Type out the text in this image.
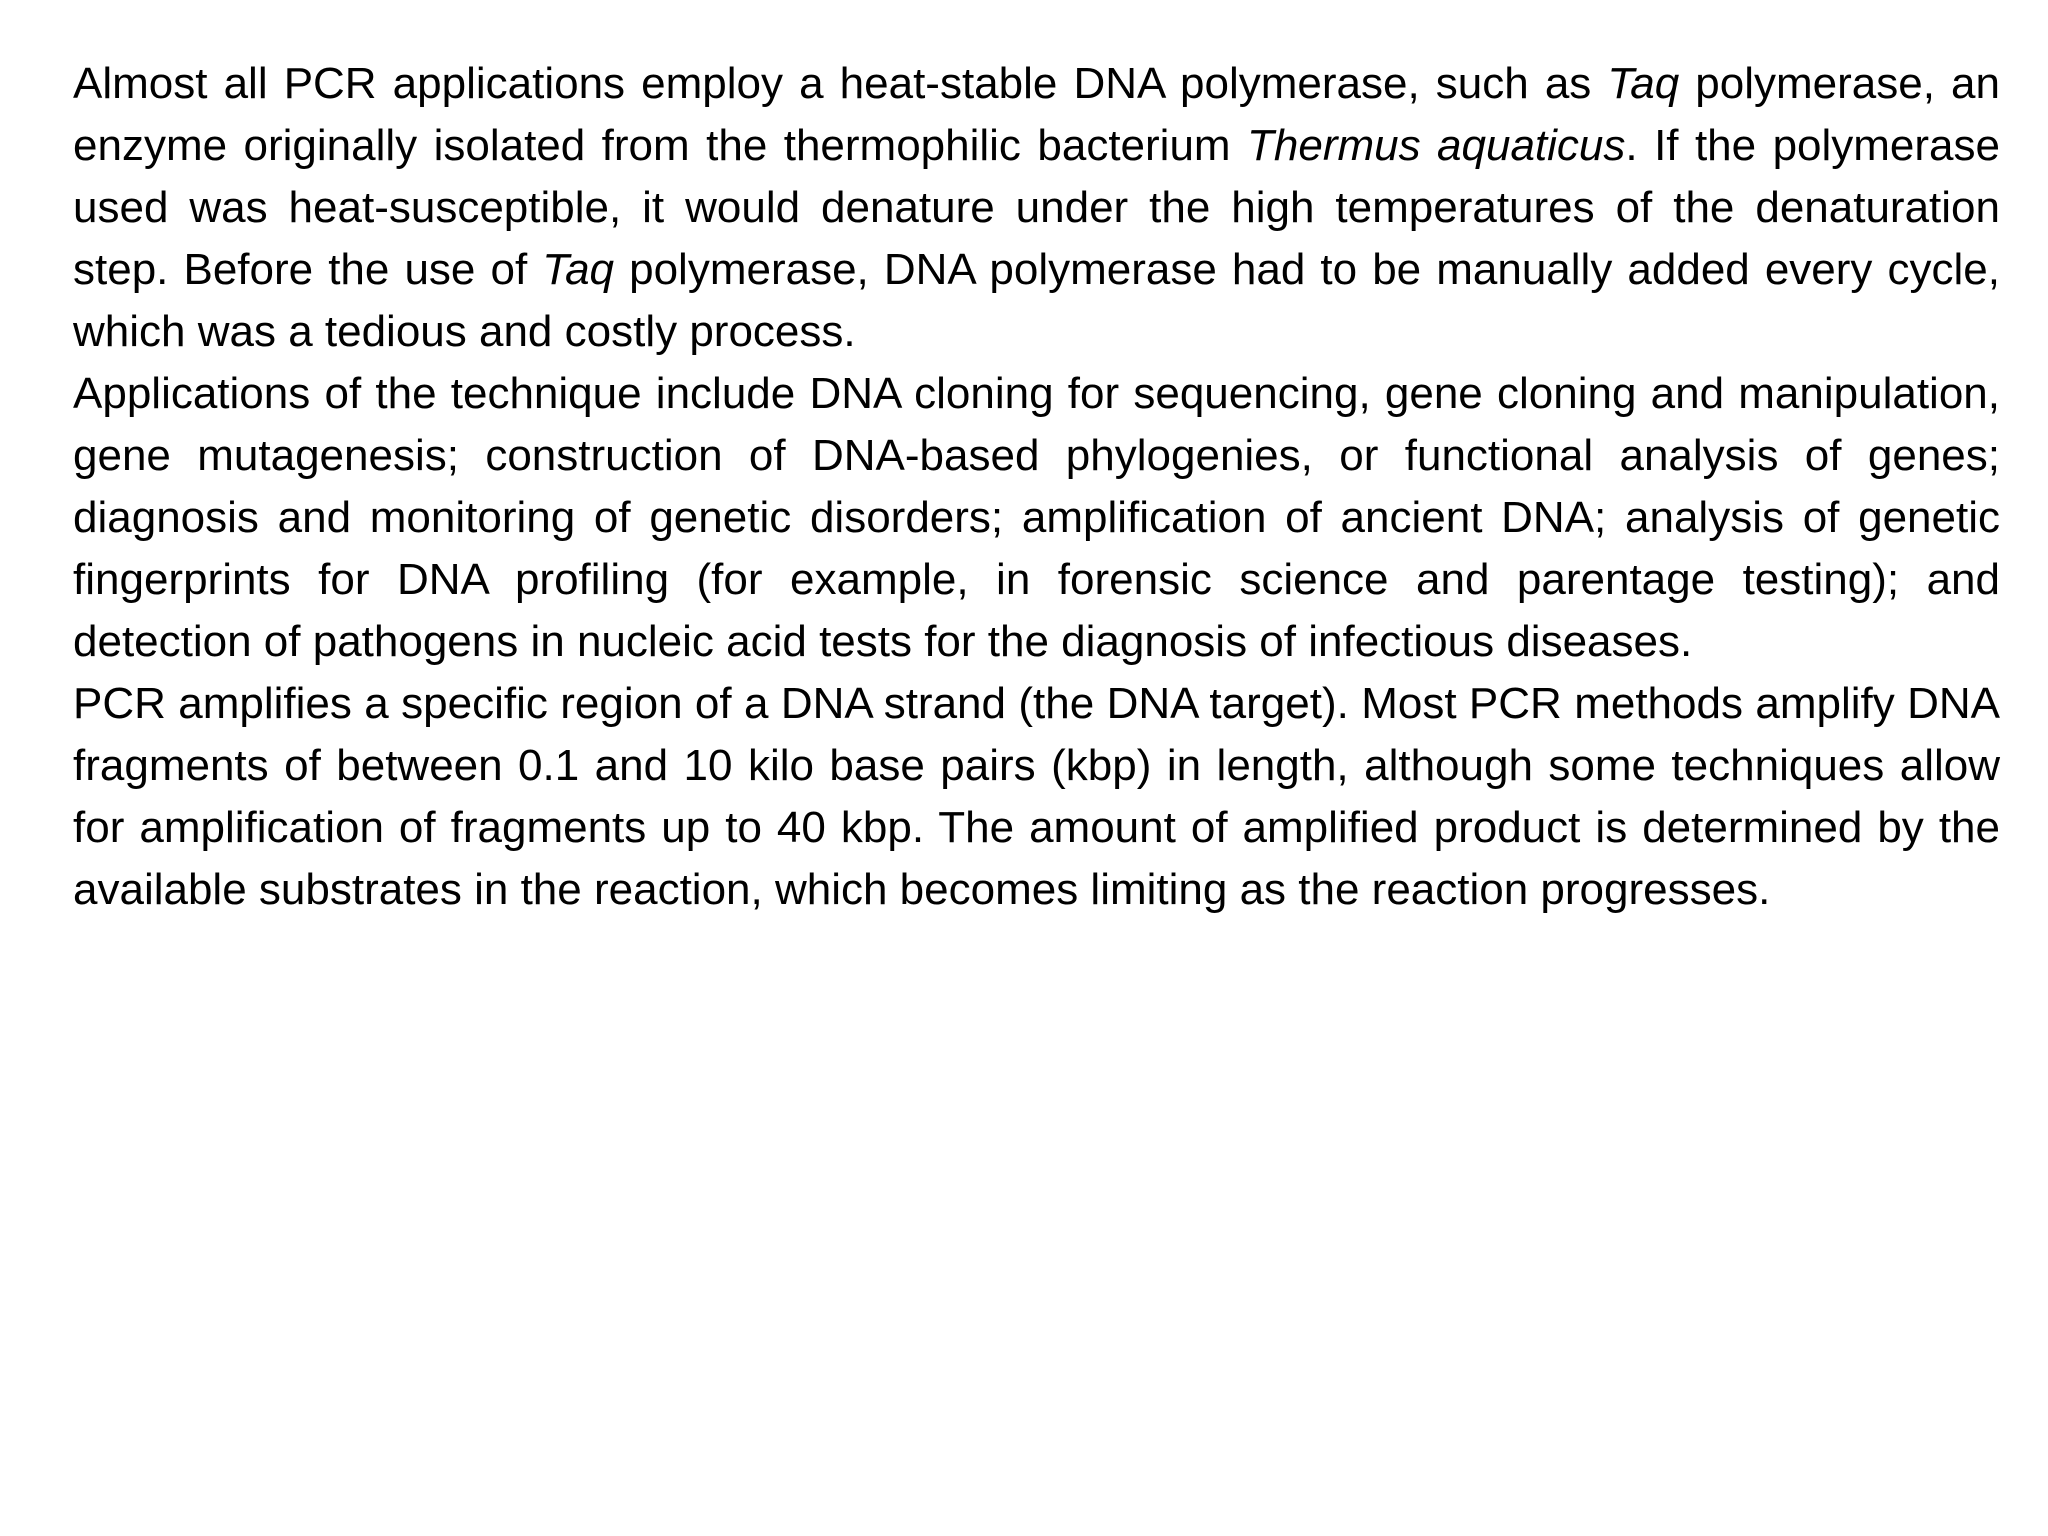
Almost all PCR applications employ a heat-stable DNA polymerase, such as Taq polymerase, an enzyme originally isolated from the thermophilic bacterium Thermus aquaticus. If the polymerase used was heat-susceptible, it would denature under the high temperatures of the denaturation step. Before the use of Taq polymerase, DNA polymerase had to be manually added every cycle, which was a tedious and costly process.

Applications of the technique include DNA cloning for sequencing, gene cloning and manipulation, gene mutagenesis; construction of DNA-based phylogenies, or functional analysis of genes; diagnosis and monitoring of genetic disorders; amplification of ancient DNA; analysis of genetic fingerprints for DNA profiling (for example, in forensic science and parentage testing); and detection of pathogens in nucleic acid tests for the diagnosis of infectious diseases.

PCR amplifies a specific region of a DNA strand (the DNA target). Most PCR methods amplify DNA fragments of between 0.1 and 10 kilo base pairs (kbp) in length, although some techniques allow for amplification of fragments up to 40 kbp. The amount of amplified product is determined by the available substrates in the reaction, which becomes limiting as the reaction progresses.
